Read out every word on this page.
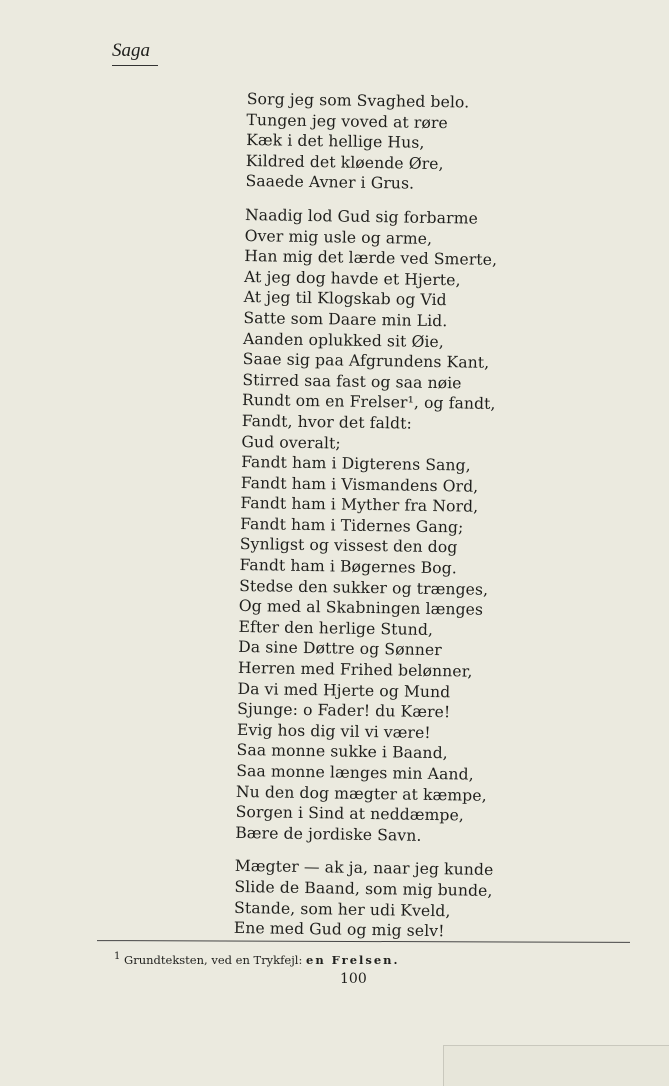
Saga
Sorg jeg som Svaghed belo.
Tungen jeg voved at røre
Kæk i det hellige Hus,
Kildred det kløende Øre,
Saaede Avner i Grus.
Naadig lod Gud sig forbarme
Over mig usle og arme,
Han mig det lærde ved Smerte,
At jeg dog havde et Hjerte,
At jeg til Klogskab og Vid
Satte som Daare min Lid.
Aanden oplukked sit Øie,
Saae sig paa Afgrundens Kant,
Stirred saa fast og saa nøie
Rundt om en Frelser¹, og fandt,
Fandt, hvor det faldt:
Gud overalt;
Fandt ham i Digterens Sang,
Fandt ham i Vismandens Ord,
Fandt ham i Myther fra Nord,
Fandt ham i Tidernes Gang;
Synligst og vissest den dog
Fandt ham i Bøgernes Bog.
Stedse den sukker og trænges,
Og med al Skabningen længes
Efter den herlige Stund,
Da sine Døttre og Sønner
Herren med Frihed belønner,
Da vi med Hjerte og Mund
Sjunge: o Fader! du Kære!
Evig hos dig vil vi være!
Saa monne sukke i Baand,
Saa monne længes min Aand,
Nu den dog mægter at kæmpe,
Sorgen i Sind at neddæmpe,
Bære de jordiske Savn.
Mægter — ak ja, naar jeg kunde
Slide de Baand, som mig bunde,
Stande, som her udi Kveld,
Ene med Gud og mig selv!
$^1$ Grundteksten, ved en Trykfejl: en Frelsen.
100
